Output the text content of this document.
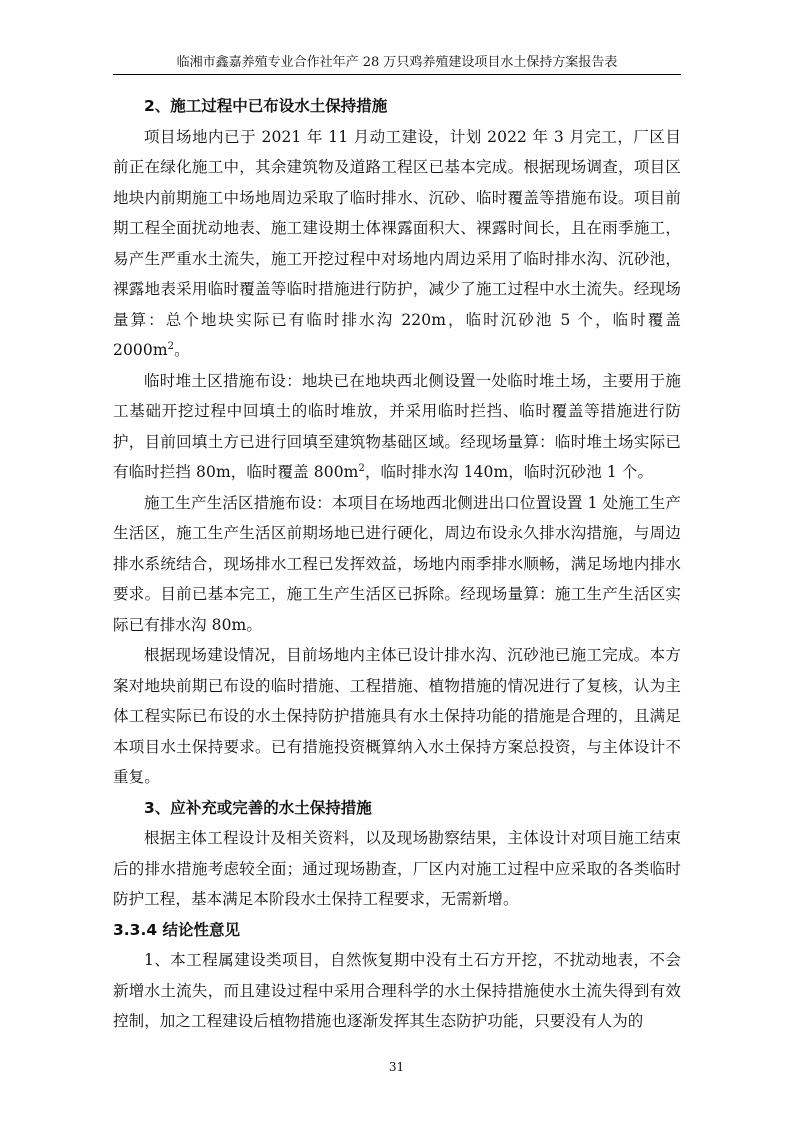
临湘市鑫嘉养殖专业合作社年产 28 万只鸡养殖建设项目水土保持方案报告表

2、施工过程中已布设水土保持措施

项目场地内已于 2021 年 11 月动工建设，计划 2022 年 3 月完工，厂区目前正在绿化施工中，其余建筑物及道路工程区已基本完成。根据现场调查，项目区地块内前期施工中场地周边采取了临时排水、沉砂、临时覆盖等措施布设。项目前期工程全面扰动地表、施工建设期土体裸露面积大、裸露时间长，且在雨季施工，易产生严重水土流失，施工开挖过程中对场地内周边采用了临时排水沟、沉砂池，裸露地表采用临时覆盖等临时措施进行防护，减少了施工过程中水土流失。经现场量算：总个地块实际已有临时排水沟 220m，临时沉砂池 5 个，临时覆盖 $2000m^2$。

临时堆土区措施布设：地块已在地块西北侧设置一处临时堆土场，主要用于施工基础开挖过程中回填土的临时堆放，并采用临时拦挡、临时覆盖等措施进行防护，目前回填土方已进行回填至建筑物基础区域。经现场量算：临时堆土场实际已有临时拦挡 80m，临时覆盖 $800m^2$，临时排水沟 140m，临时沉砂池 1 个。

施工生产生活区措施布设：本项目在场地西北侧进出口位置设置 1 处施工生产生活区，施工生产生活区前期场地已进行硬化，周边布设永久排水沟措施，与周边排水系统结合，现场排水工程已发挥效益，场地内雨季排水顺畅，满足场地内排水要求。目前已基本完工，施工生产生活区已拆除。经现场量算：施工生产生活区实际已有排水沟 80m。

根据现场建设情况，目前场地内主体已设计排水沟、沉砂池已施工完成。本方案对地块前期已布设的临时措施、工程措施、植物措施的情况进行了复核，认为主体工程实际已布设的水土保持防护措施具有水土保持功能的措施是合理的，且满足本项目水土保持要求。已有措施投资概算纳入水土保持方案总投资，与主体设计不重复。

3、应补充或完善的水土保持措施

根据主体工程设计及相关资料，以及现场勘察结果，主体设计对项目施工结束后的排水措施考虑较全面；通过现场勘查，厂区内对施工过程中应采取的各类临时防护工程，基本满足本阶段水土保持工程要求，无需新增。

3.3.4 结论性意见

1、本工程属建设类项目，自然恢复期中没有土石方开挖，不扰动地表，不会新增水土流失，而且建设过程中采用合理科学的水土保持措施使水土流失得到有效控制，加之工程建设后植物措施也逐渐发挥其生态防护功能，只要没有人为的

31
